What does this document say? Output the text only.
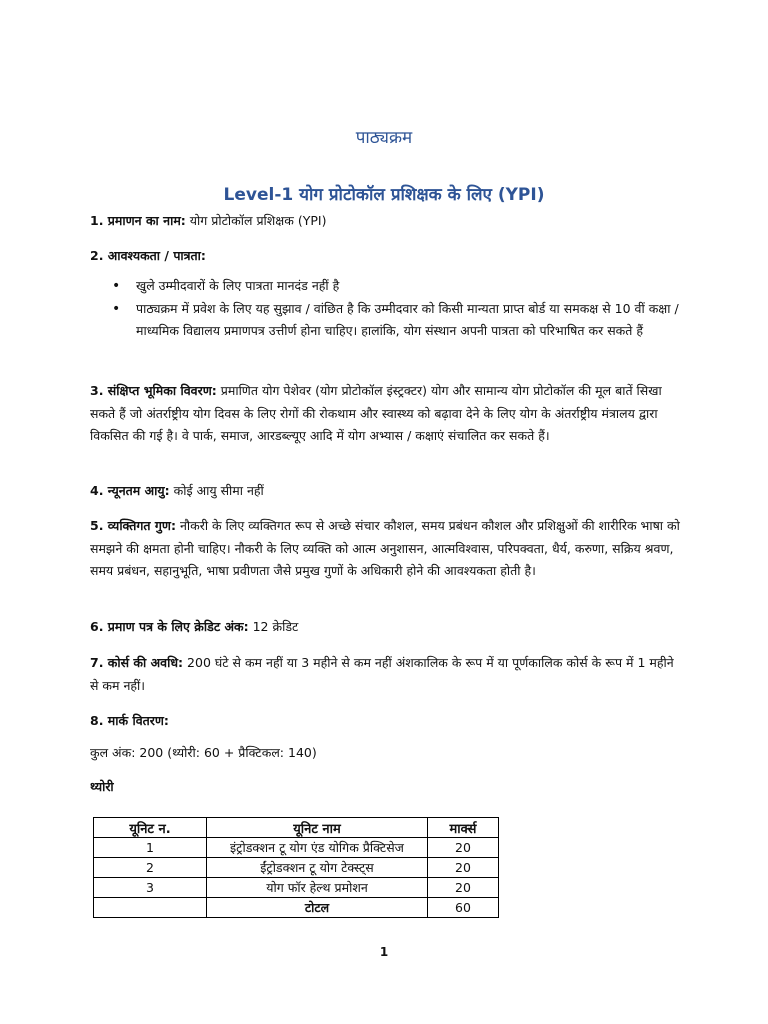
पाठ्यक्रम
Level-1 योग प्रोटोकॉल प्रशिक्षक के लिए (YPI)
1. प्रमाणन का नाम: योग प्रोटोकॉल प्रशिक्षक (YPI)
2. आवश्यकता / पात्रता:
• खुले उम्मीदवारों के लिए पात्रता मानदंड नहीं है
• पाठ्यक्रम में प्रवेश के लिए यह सुझाव / वांछित है कि उम्मीदवार को किसी मान्यता प्राप्त बोर्ड या समकक्ष से 10 वीं कक्षा / माध्यमिक विद्यालय प्रमाणपत्र उत्तीर्ण होना चाहिए। हालांकि, योग संस्थान अपनी पात्रता को परिभाषित कर सकते हैं
3. संक्षिप्त भूमिका विवरण: प्रमाणित योग पेशेवर (योग प्रोटोकॉल इंस्ट्रक्टर) योग और सामान्य योग प्रोटोकॉल की मूल बातें सिखा सकते हैं जो अंतर्राष्ट्रीय योग दिवस के लिए रोगों की रोकथाम और स्वास्थ्य को बढ़ावा देने के लिए योग के अंतर्राष्ट्रीय मंत्रालय द्वारा विकसित की गई है। वे पार्क, समाज, आरडब्ल्यूए आदि में योग अभ्यास / कक्षाएं संचालित कर सकते हैं।
4. न्यूनतम आयु: कोई आयु सीमा नहीं
5. व्यक्तिगत गुण: नौकरी के लिए व्यक्तिगत रूप से अच्छे संचार कौशल, समय प्रबंधन कौशल और प्रशिक्षुओं की शारीरिक भाषा को समझने की क्षमता होनी चाहिए। नौकरी के लिए व्यक्ति को आत्म अनुशासन, आत्मविश्वास, परिपक्वता, धैर्य, करुणा, सक्रिय श्रवण, समय प्रबंधन, सहानुभूति, भाषा प्रवीणता जैसे प्रमुख गुणों के अधिकारी होने की आवश्यकता होती है।
6. प्रमाण पत्र के लिए क्रेडिट अंक: 12 क्रेडिट
7. कोर्स की अवधि: 200 घंटे से कम नहीं या 3 महीने से कम नहीं अंशकालिक के रूप में या पूर्णकालिक कोर्स के रूप में 1 महीने से कम नहीं।
8. मार्क वितरण:
कुल अंक: 200 (थ्योरी: 60 + प्रैक्टिकल: 140)
थ्योरी
यूनिट न.	यूनिट नाम	मार्क्स
1	इंट्रोडक्शन टू योग एंड योगिक प्रैक्टिसेज	20
2	ईंट्रोडक्शन टू योग टेक्स्ट्स	20
3	योग फॉर हेल्थ प्रमोशन	20
	टोटल	60
1
